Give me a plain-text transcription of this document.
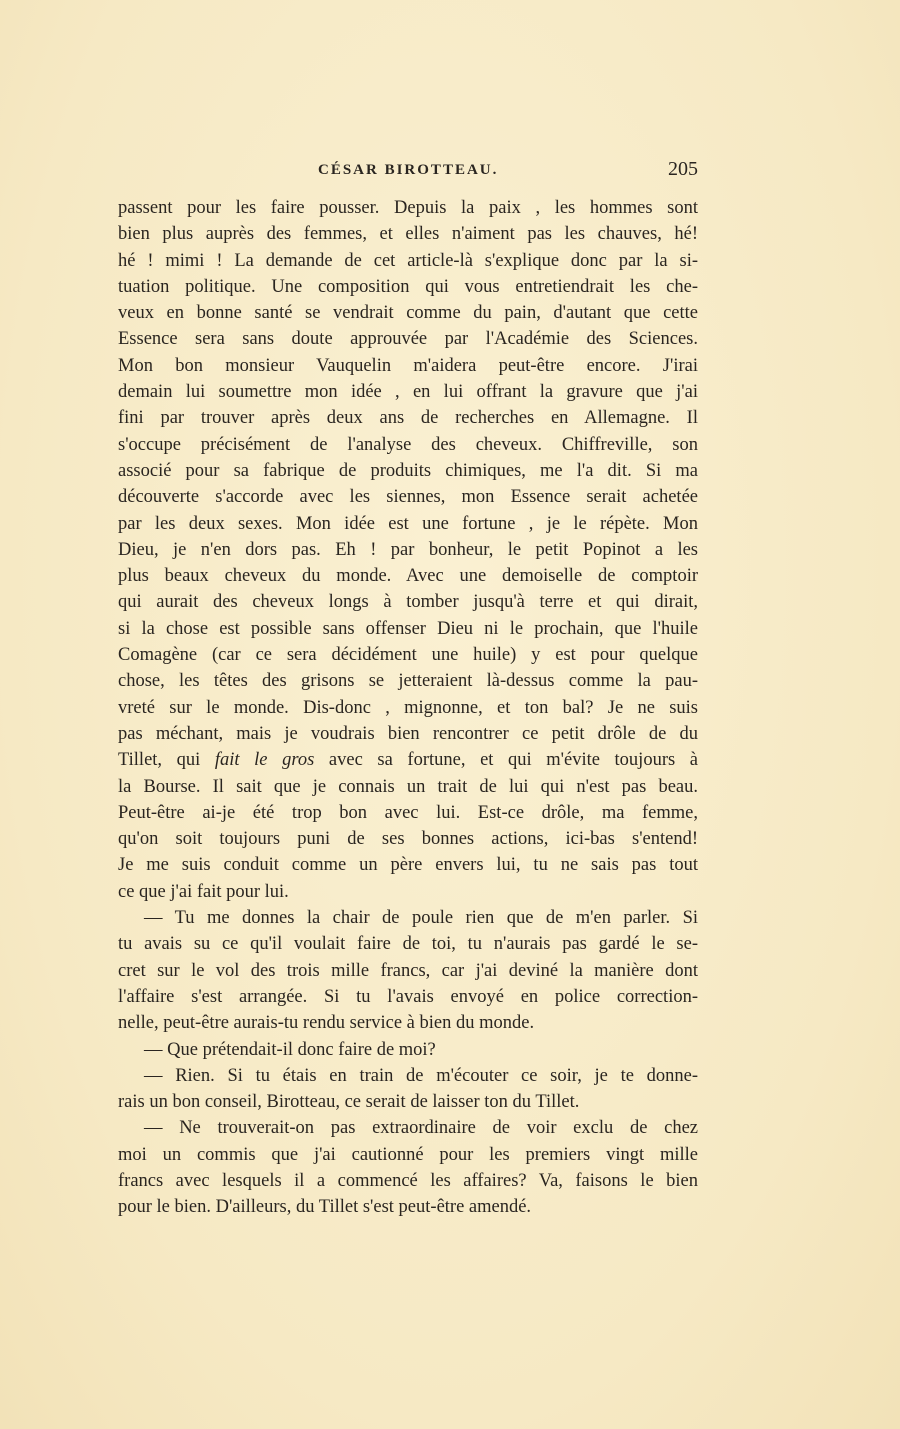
CÉSAR BIROTTEAU.	205
passent pour les faire pousser. Depuis la paix , les hommes sont
bien plus auprès des femmes, et elles n'aiment pas les chauves, hé!
hé ! mimi ! La demande de cet article-là s'explique donc par la si-
tuation politique. Une composition qui vous entretiendrait les che-
veux en bonne santé se vendrait comme du pain, d'autant que cette
Essence sera sans doute approuvée par l'Académie des Sciences.
Mon bon monsieur Vauquelin m'aidera peut-être encore. J'irai
demain lui soumettre mon idée , en lui offrant la gravure que j'ai
fini par trouver après deux ans de recherches en Allemagne. Il
s'occupe précisément de l'analyse des cheveux. Chiffreville, son
associé pour sa fabrique de produits chimiques, me l'a dit. Si ma
découverte s'accorde avec les siennes, mon Essence serait achetée
par les deux sexes. Mon idée est une fortune , je le répète. Mon
Dieu, je n'en dors pas. Eh ! par bonheur, le petit Popinot a les
plus beaux cheveux du monde. Avec une demoiselle de comptoir
qui aurait des cheveux longs à tomber jusqu'à terre et qui dirait,
si la chose est possible sans offenser Dieu ni le prochain, que l'huile
Comagène (car ce sera décidément une huile) y est pour quelque
chose, les têtes des grisons se jetteraient là-dessus comme la pau-
vreté sur le monde. Dis-donc , mignonne, et ton bal? Je ne suis
pas méchant, mais je voudrais bien rencontrer ce petit drôle de du
Tillet, qui fait le gros avec sa fortune, et qui m'évite toujours à
la Bourse. Il sait que je connais un trait de lui qui n'est pas beau.
Peut-être ai-je été trop bon avec lui. Est-ce drôle, ma femme,
qu'on soit toujours puni de ses bonnes actions, ici-bas s'entend!
Je me suis conduit comme un père envers lui, tu ne sais pas tout
ce que j'ai fait pour lui.
— Tu me donnes la chair de poule rien que de m'en parler. Si
tu avais su ce qu'il voulait faire de toi, tu n'aurais pas gardé le se-
cret sur le vol des trois mille francs, car j'ai deviné la manière dont
l'affaire s'est arrangée. Si tu l'avais envoyé en police correction-
nelle, peut-être aurais-tu rendu service à bien du monde.
— Que prétendait-il donc faire de moi?
— Rien. Si tu étais en train de m'écouter ce soir, je te donne-
rais un bon conseil, Birotteau, ce serait de laisser ton du Tillet.
— Ne trouverait-on pas extraordinaire de voir exclu de chez
moi un commis que j'ai cautionné pour les premiers vingt mille
francs avec lesquels il a commencé les affaires? Va, faisons le bien
pour le bien. D'ailleurs, du Tillet s'est peut-être amendé.
